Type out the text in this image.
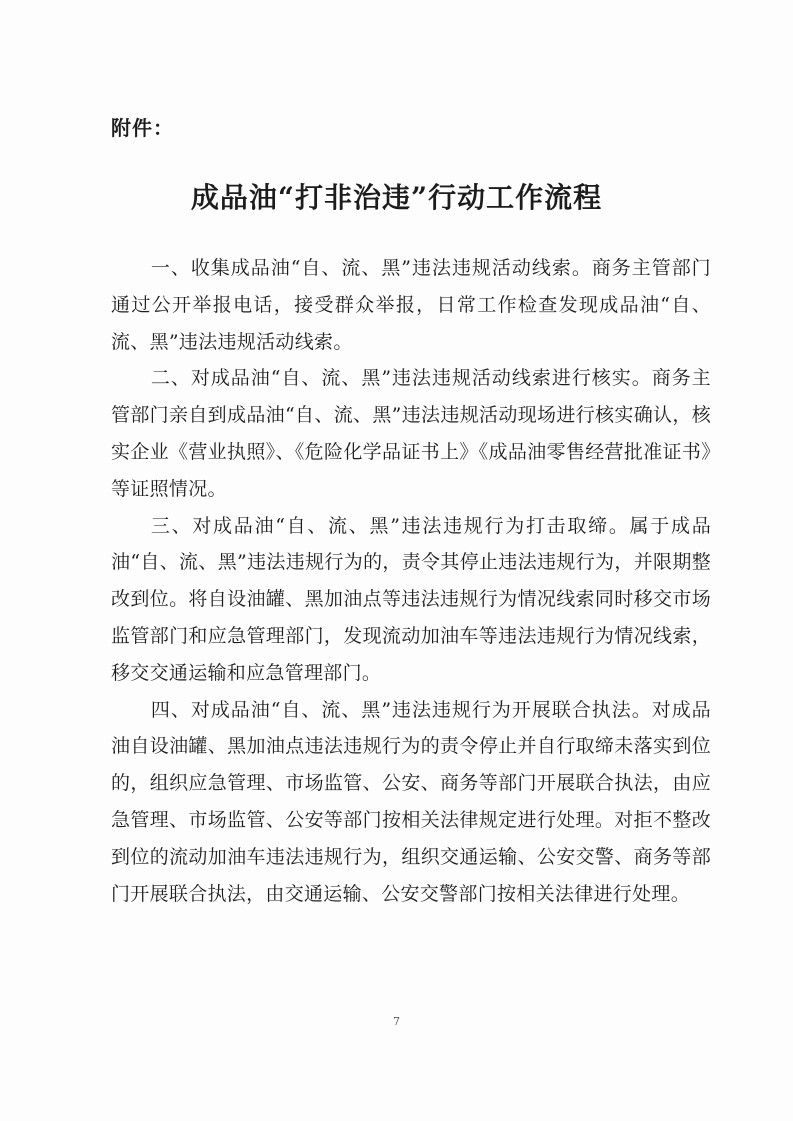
附件：
成品油“打非治违”行动工作流程

一、收集成品油“自、流、黑”违法违规活动线索。商务主管部门通过公开举报电话，接受群众举报，日常工作检查发现成品油“自、流、黑”违法违规活动线索。

二、对成品油“自、流、黑”违法违规活动线索进行核实。商务主管部门亲自到成品油“自、流、黑”违法违规活动现场进行核实确认，核实企业《营业执照》、《危险化学品证书上》《成品油零售经营批准证书》等证照情况。

三、对成品油“自、流、黑”违法违规行为打击取缔。属于成品油“自、流、黑”违法违规行为的，责令其停止违法违规行为，并限期整改到位。将自设油罐、黑加油点等违法违规行为情况线索同时移交市场监管部门和应急管理部门，发现流动加油车等违法违规行为情况线索，移交交通运输和应急管理部门。

四、对成品油“自、流、黑”违法违规行为开展联合执法。对成品油自设油罐、黑加油点违法违规行为的责令停止并自行取缔未落实到位的，组织应急管理、市场监管、公安、商务等部门开展联合执法，由应急管理、市场监管、公安等部门按相关法律规定进行处理。对拒不整改到位的流动加油车违法违规行为，组织交通运输、公安交警、商务等部门开展联合执法，由交通运输、公安交警部门按相关法律进行处理。

7
